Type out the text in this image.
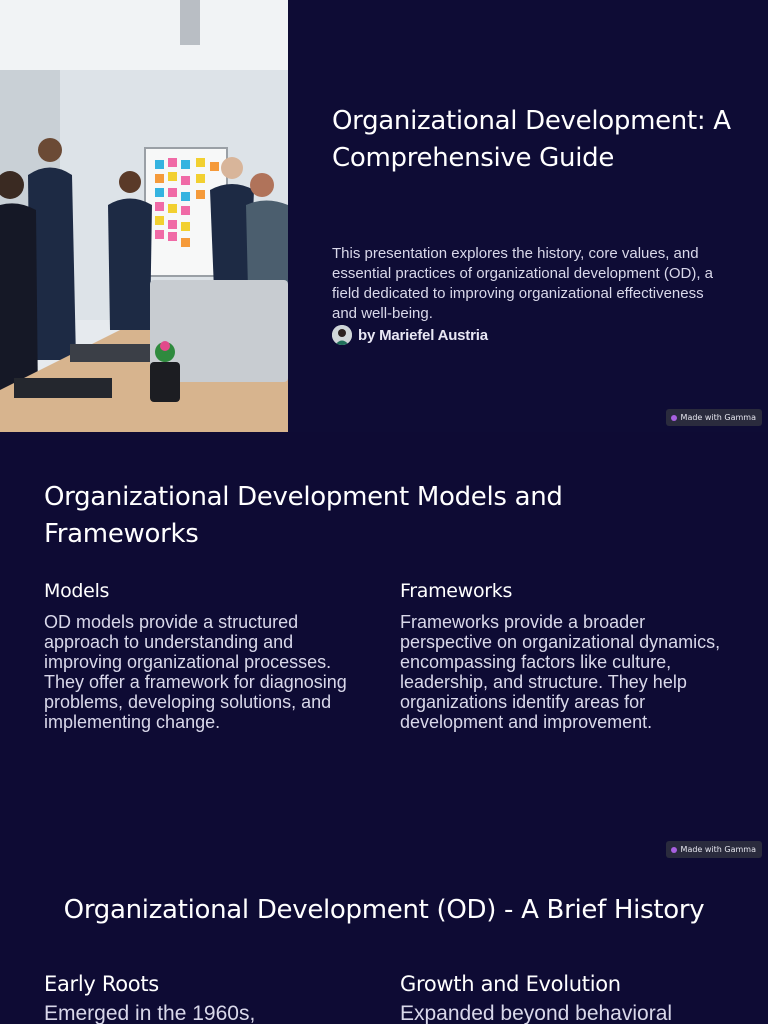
Organizational Development: A Comprehensive Guide

This presentation explores the history, core values, and essential practices of organizational development (OD), a field dedicated to improving organizational effectiveness and well-being.

by Mariefel Austria
Made with Gamma
Organizational Development Models and Frameworks
Models

OD models provide a structured approach to understanding and improving organizational processes. They offer a framework for diagnosing problems, developing solutions, and implementing change.

Frameworks

Frameworks provide a broader perspective on organizational dynamics, encompassing factors like culture, leadership, and structure. They help organizations identify areas for development and improvement.

Made with Gamma
Organizational Development (OD) - A Brief History
Early Roots

Emerged in the 1960s,

Growth and Evolution

Expanded beyond behavioral
